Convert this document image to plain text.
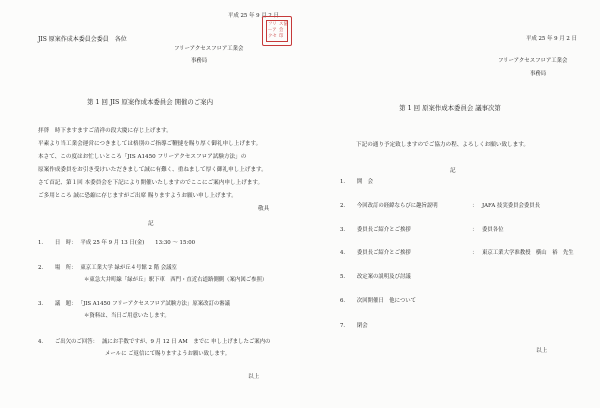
平成 25 年 9 月 2 日
フリ
ーア
クセ
ス協
会
印
JIS 原案作成本委員会委員　各位
フリーアクセスフロア工業会
事務局
第 1 回 JIS 原案作成本委員会 開催のご案内
拝啓　時下ますますご清祥の段大慶に存じ上げます。
平素より当工業会運営につきましては格別のご指導ご鞭撻を賜り厚く御礼申し上げます。
本さて、この度はお忙しいところ「JIS A1450 フリーアクセスフロア試験方法」の
原案作成委員をお引き受けいただきまして誠に有難く、重ねまして厚く御礼申し上げます。
さて首記、第１回 本委員会を下記により開催いたしますのでここにご案内申し上げます。
ご多用ところ 誠に恐縮に存じますがご出席 賜りますようお願い申し上げます。
敬具
記
1． 日　時： 平成 25 年 9 月 13 日(金)　　13:30 ～ 15:00
2． 場　所： 東京工業大学 緑が丘４号館 2 階 会議室
＊東急大井町線「緑が丘」駅下車　西門・直近右道路側側（案内図ご参照）
3． 議　題： 「JIS A1450 フリーアクセスフロア試験方法」原案改訂の審議
＊資料は、当日ご用意いたします。
4． ご出欠のご回答： 誠にお手数ですが、9 月 12 日 AM　までに 申し上げましたご案内の
メールに ご返信にて賜りますようお願い致します。
以上
平成 25 年 9 月 2 日
フリーアクセスフロア工業会
事務局
第 1 回 原案作成本委員会 議事次第
下記の通り予定致しますのでご協力の程、よろしくお願い致します。
記
1． 開　会
2． 今回改訂の経緯ならびに趣旨説明	： JAFA 技実委員会委員長
3． 委員長ご紹介とご挨拶	： 委員各位
4． 委員長ご紹介とご挨拶	： 東京工業大学准教授　横山　裕　先生
5． 改定案の説明及び討議
6． 次回開催日　他について
7． 閉会
以上
